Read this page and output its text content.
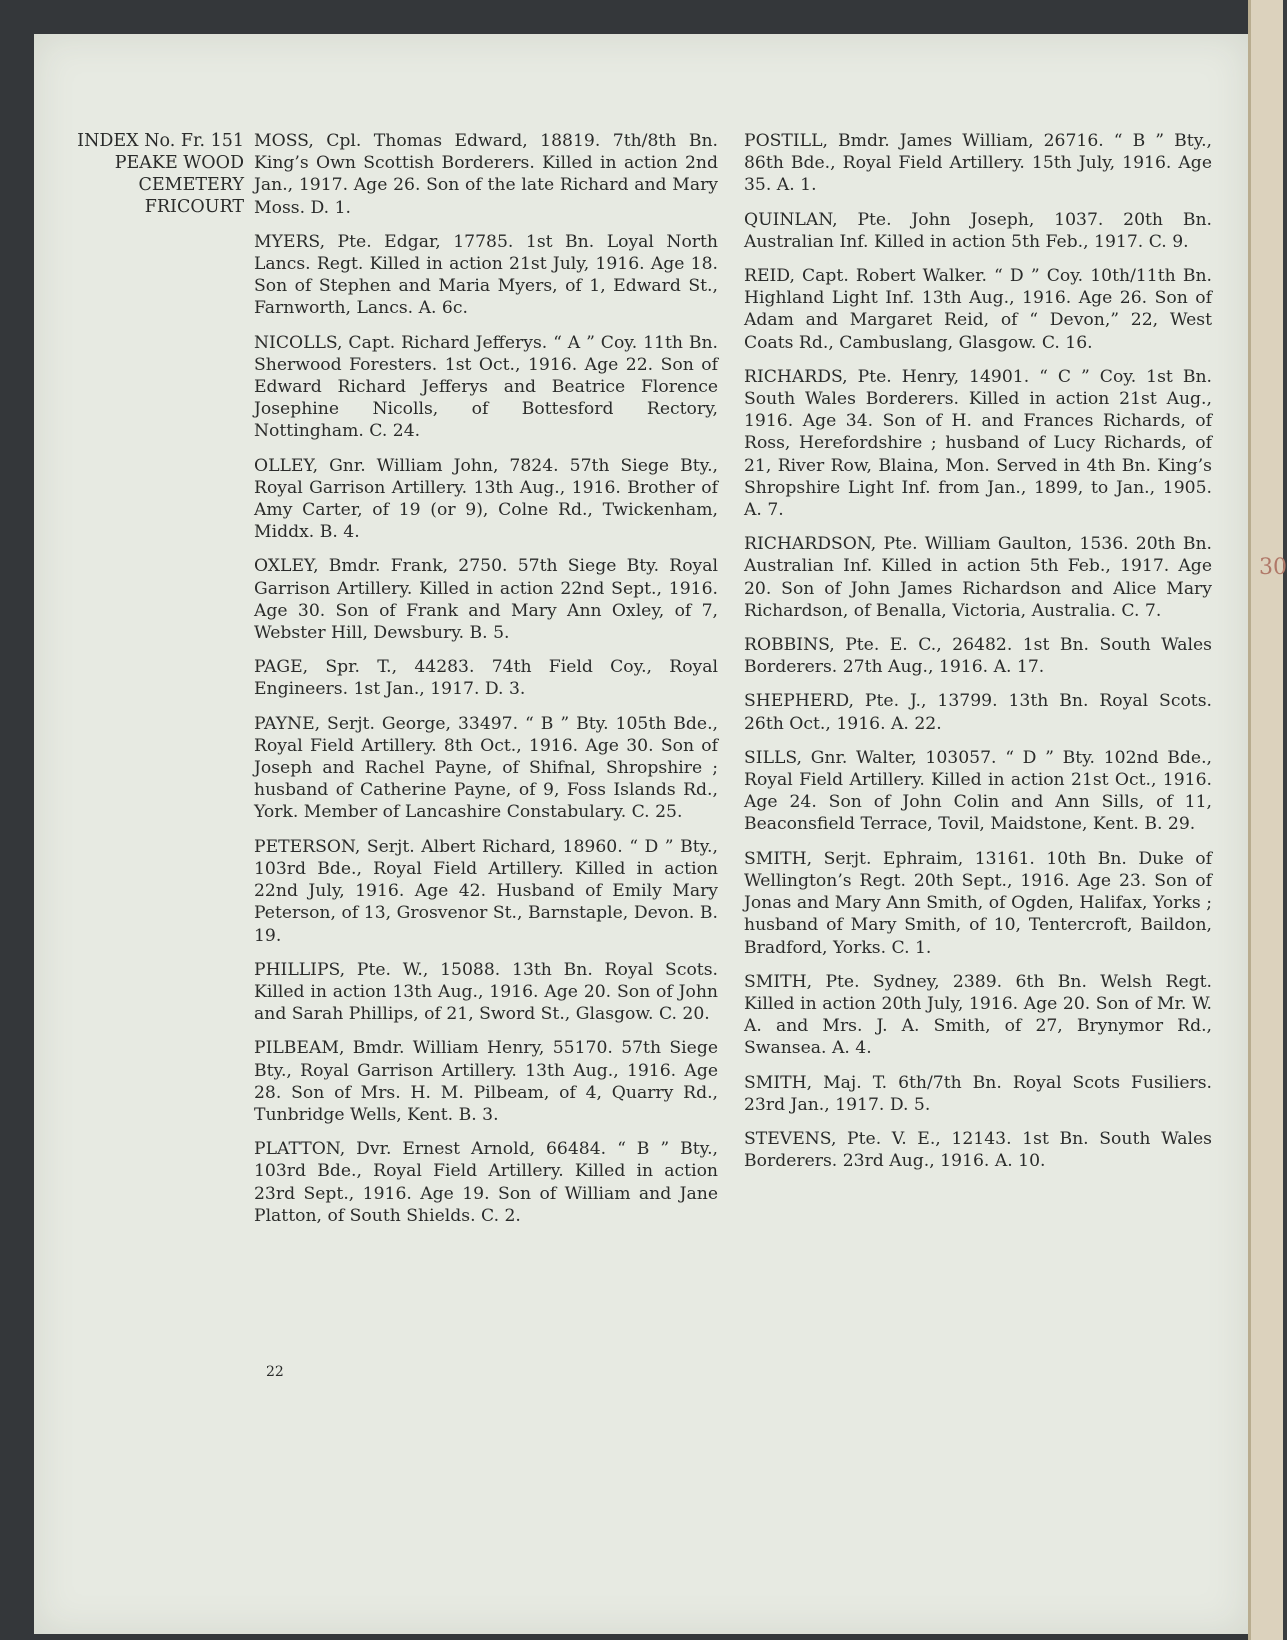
30
INDEX No. Fr. 151
PEAKE WOOD
CEMETERY
FRICOURT

MOSS, Cpl. Thomas Edward, 18819. 7th/8th Bn. King’s Own Scottish Borderers. Killed in action 2nd Jan., 1917. Age 26. Son of the late Richard and Mary Moss. D. 1.

MYERS, Pte. Edgar, 17785. 1st Bn. Loyal North Lancs. Regt. Killed in action 21st July, 1916. Age 18. Son of Stephen and Maria Myers, of 1, Edward St., Farnworth, Lancs. A. 6c.

NICOLLS, Capt. Richard Jefferys. “ A ” Coy. 11th Bn. Sherwood Foresters. 1st Oct., 1916. Age 22. Son of Edward Richard Jefferys and Beatrice Florence Josephine Nicolls, of Bottesford Rectory, Nottingham. C. 24.

OLLEY, Gnr. William John, 7824. 57th Siege Bty., Royal Garrison Artillery. 13th Aug., 1916. Brother of Amy Carter, of 19 (or 9), Colne Rd., Twickenham, Middx. B. 4.

OXLEY, Bmdr. Frank, 2750. 57th Siege Bty. Royal Garrison Artillery. Killed in action 22nd Sept., 1916. Age 30. Son of Frank and Mary Ann Oxley, of 7, Webster Hill, Dewsbury. B. 5.

PAGE, Spr. T., 44283. 74th Field Coy., Royal Engineers. 1st Jan., 1917. D. 3.

PAYNE, Serjt. George, 33497. “ B ” Bty. 105th Bde., Royal Field Artillery. 8th Oct., 1916. Age 30. Son of Joseph and Rachel Payne, of Shifnal, Shropshire ; husband of Catherine Payne, of 9, Foss Islands Rd., York. Member of Lancashire Constabulary. C. 25.

PETERSON, Serjt. Albert Richard, 18960. “ D ” Bty., 103rd Bde., Royal Field Artillery. Killed in action 22nd July, 1916. Age 42. Husband of Emily Mary Peterson, of 13, Grosvenor St., Barnstaple, Devon. B. 19.

PHILLIPS, Pte. W., 15088. 13th Bn. Royal Scots. Killed in action 13th Aug., 1916. Age 20. Son of John and Sarah Phillips, of 21, Sword St., Glasgow. C. 20.

PILBEAM, Bmdr. William Henry, 55170. 57th Siege Bty., Royal Garrison Artillery. 13th Aug., 1916. Age 28. Son of Mrs. H. M. Pilbeam, of 4, Quarry Rd., Tunbridge Wells, Kent. B. 3.

PLATTON, Dvr. Ernest Arnold, 66484. “ B ” Bty., 103rd Bde., Royal Field Artillery. Killed in action 23rd Sept., 1916. Age 19. Son of William and Jane Platton, of South Shields. C. 2.

POSTILL, Bmdr. James William, 26716. “ B ” Bty., 86th Bde., Royal Field Artillery. 15th July, 1916. Age 35. A. 1.

QUINLAN, Pte. John Joseph, 1037. 20th Bn. Australian Inf. Killed in action 5th Feb., 1917. C. 9.

REID, Capt. Robert Walker. “ D ” Coy. 10th/11th Bn. Highland Light Inf. 13th Aug., 1916. Age 26. Son of Adam and Margaret Reid, of “ Devon,” 22, West Coats Rd., Cambuslang, Glasgow. C. 16.

RICHARDS, Pte. Henry, 14901. “ C ” Coy. 1st Bn. South Wales Borderers. Killed in action 21st Aug., 1916. Age 34. Son of H. and Frances Richards, of Ross, Herefordshire ; husband of Lucy Richards, of 21, River Row, Blaina, Mon. Served in 4th Bn. King’s Shropshire Light Inf. from Jan., 1899, to Jan., 1905. A. 7.

RICHARDSON, Pte. William Gaulton, 1536. 20th Bn. Australian Inf. Killed in action 5th Feb., 1917. Age 20. Son of John James Richardson and Alice Mary Richardson, of Benalla, Victoria, Australia. C. 7.

ROBBINS, Pte. E. C., 26482. 1st Bn. South Wales Borderers. 27th Aug., 1916. A. 17.

SHEPHERD, Pte. J., 13799. 13th Bn. Royal Scots. 26th Oct., 1916. A. 22.

SILLS, Gnr. Walter, 103057. “ D ” Bty. 102nd Bde., Royal Field Artillery. Killed in action 21st Oct., 1916. Age 24. Son of John Colin and Ann Sills, of 11, Beaconsfield Terrace, Tovil, Maidstone, Kent. B. 29.

SMITH, Serjt. Ephraim, 13161. 10th Bn. Duke of Wellington’s Regt. 20th Sept., 1916. Age 23. Son of Jonas and Mary Ann Smith, of Ogden, Halifax, Yorks ; husband of Mary Smith, of 10, Tentercroft, Baildon, Bradford, Yorks. C. 1.

SMITH, Pte. Sydney, 2389. 6th Bn. Welsh Regt. Killed in action 20th July, 1916. Age 20. Son of Mr. W. A. and Mrs. J. A. Smith, of 27, Brynymor Rd., Swansea. A. 4.

SMITH, Maj. T. 6th/7th Bn. Royal Scots Fusiliers. 23rd Jan., 1917. D. 5.

STEVENS, Pte. V. E., 12143. 1st Bn. South Wales Borderers. 23rd Aug., 1916. A. 10.

22
